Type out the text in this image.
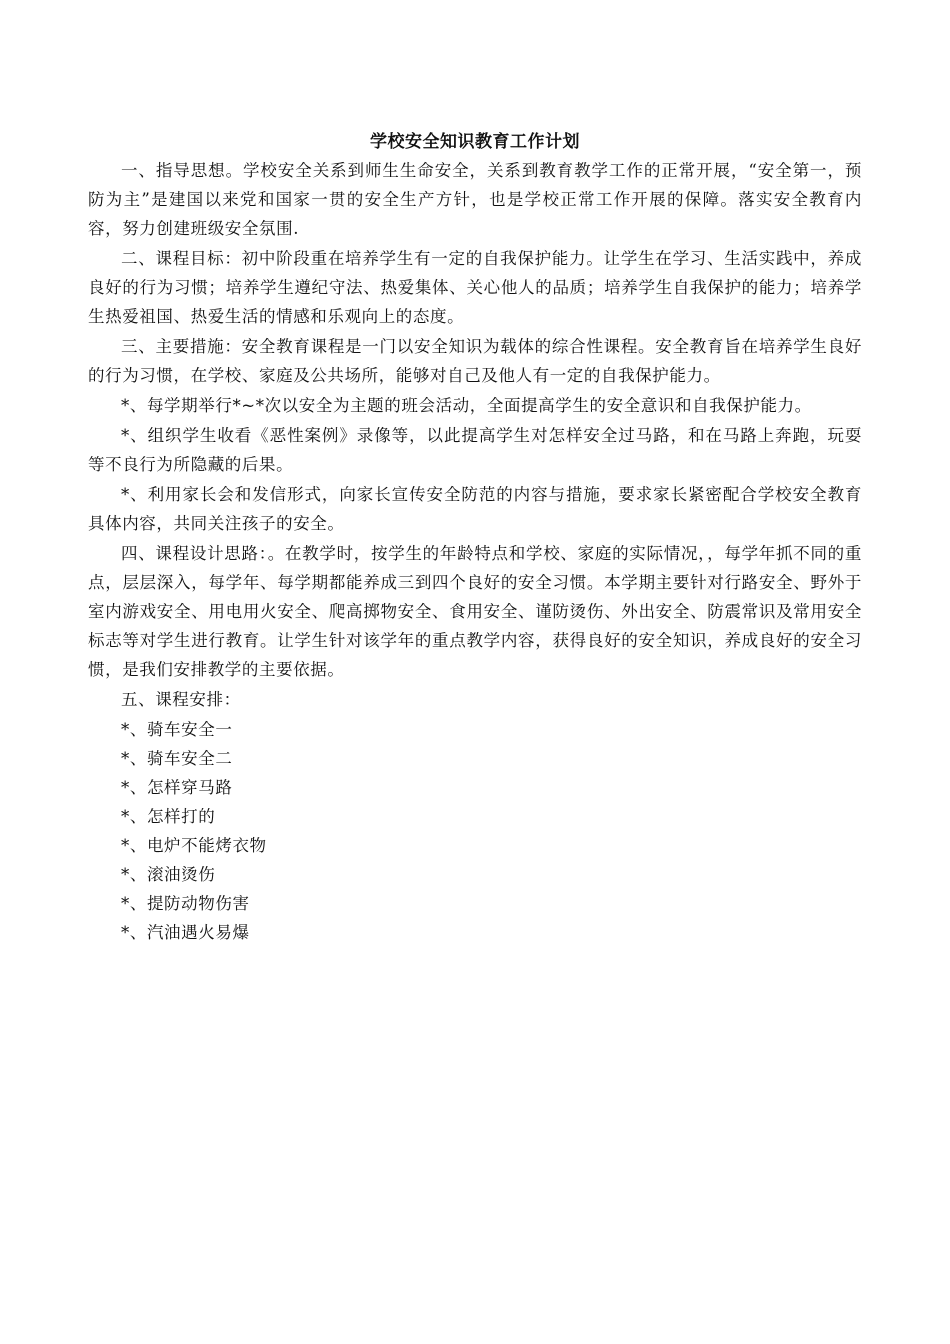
学校安全知识教育工作计划

一、指导思想。学校安全关系到师生生命安全，关系到教育教学工作的正常开展，“安全第一，预防为主”是建国以来党和国家一贯的安全生产方针，也是学校正常工作开展的保障。落实安全教育内容，努力创建班级安全氛围.

二、课程目标：初中阶段重在培养学生有一定的自我保护能力。让学生在学习、生活实践中，养成良好的行为习惯；培养学生遵纪守法、热爱集体、关心他人的品质；培养学生自我保护的能力；培养学生热爱祖国、热爱生活的情感和乐观向上的态度。

三、主要措施：安全教育课程是一门以安全知识为载体的综合性课程。安全教育旨在培养学生良好的行为习惯，在学校、家庭及公共场所，能够对自己及他人有一定的自我保护能力。

*、每学期举行*~*次以安全为主题的班会活动，全面提高学生的安全意识和自我保护能力。

*、组织学生收看《恶性案例》录像等，以此提高学生对怎样安全过马路，和在马路上奔跑，玩耍等不良行为所隐藏的后果。

*、利用家长会和发信形式，向家长宣传安全防范的内容与措施，要求家长紧密配合学校安全教育具体内容，共同关注孩子的安全。

四、课程设计思路：。在教学时，按学生的年龄特点和学校、家庭的实际情况，，每学年抓不同的重点，层层深入，每学年、每学期都能养成三到四个良好的安全习惯。本学期主要针对行路安全、野外于室内游戏安全、用电用火安全、爬高掷物安全、食用安全、谨防烫伤、外出安全、防震常识及常用安全标志等对学生进行教育。让学生针对该学年的重点教学内容，获得良好的安全知识，养成良好的安全习惯，是我们安排教学的主要依据。

五、课程安排：

*、骑车安全一
*、骑车安全二
*、怎样穿马路
*、怎样打的
*、电炉不能烤衣物
*、滚油烫伤
*、提防动物伤害
*、汽油遇火易爆
